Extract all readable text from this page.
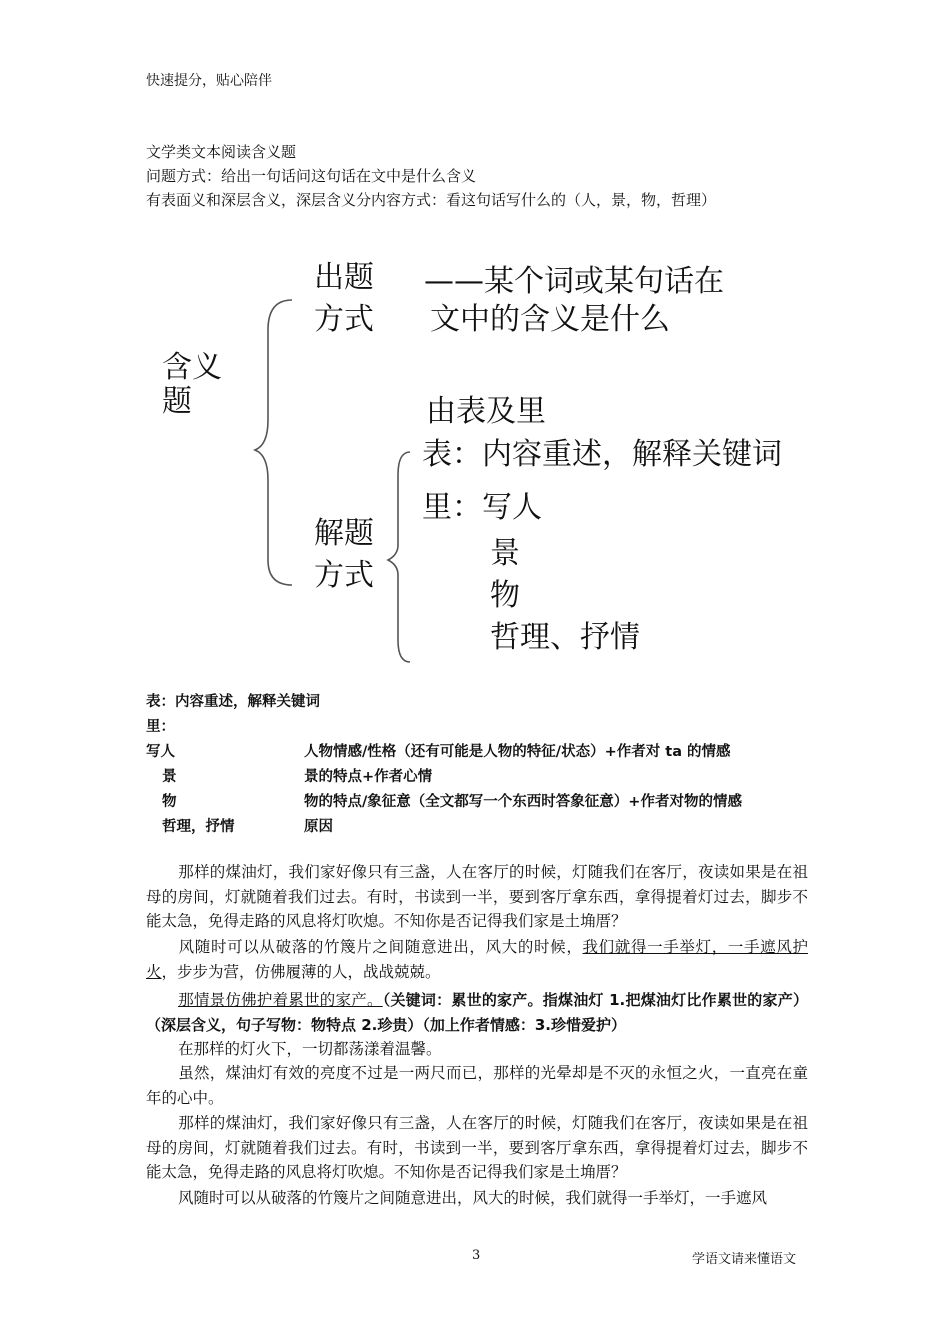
快速提分，贴心陪伴
文学类文本阅读含义题
问题方式：给出一句话问这句话在文中是什么含义
有表面义和深层含义，深层含义分内容方式：看这句话写什么的（人，景，物，哲理）
含义
题
出题
方式
——某个词或某句话在
文中的含义是什么
解题
方式
由表及里
表：内容重述，解释关键词
里：写人
景
物
哲理、抒情
表：内容重述，解释关键词
里：
写人	人物情感/性格（还有可能是人物的特征/状态）+作者对 ta 的情感
景	景的特点+作者心情
物	物的特点/象征意（全文都写一个东西时答象征意）+作者对物的情感
哲理，抒情	原因
那样的煤油灯，我们家好像只有三盏，人在客厅的时候，灯随我们在客厅，夜读如果是在祖母的房间，灯就随着我们过去。有时，书读到一半，要到客厅拿东西，拿得提着灯过去，脚步不能太急，免得走路的风息将灯吹熄。不知你是否记得我们家是土埆厝？
风随时可以从破落的竹篾片之间随意进出，风大的时候，我们就得一手举灯，一手遮风护火，步步为营，仿佛履薄的人，战战兢兢。
那情景仿佛护着累世的家产。（关键词：累世的家产。指煤油灯 1.把煤油灯比作累世的家产）（深层含义，句子写物：物特点 2.珍贵）（加上作者情感：3.珍惜爱护）
在那样的灯火下，一切都荡漾着温馨。
虽然，煤油灯有效的亮度不过是一两尺而已，那样的光晕却是不灭的永恒之火，一直亮在童年的心中。
那样的煤油灯，我们家好像只有三盏，人在客厅的时候，灯随我们在客厅，夜读如果是在祖母的房间，灯就随着我们过去。有时，书读到一半，要到客厅拿东西，拿得提着灯过去，脚步不能太急，免得走路的风息将灯吹熄。不知你是否记得我们家是土埆厝？
风随时可以从破落的竹篾片之间随意进出，风大的时候，我们就得一手举灯，一手遮风
3	学语文请来懂语文
